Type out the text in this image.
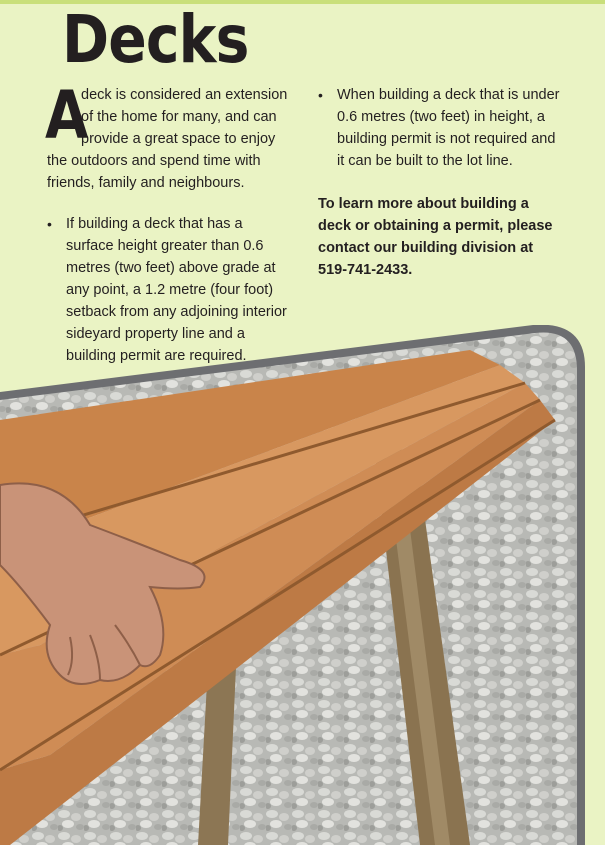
Decks

A
deck is considered an extension of the home for many, and can provide a great space to enjoy the outdoors and spend time with friends, family and neighbours.

• If building a deck that has a surface height greater than 0.6 metres (two feet) above grade at any point, a 1.2 metre (four foot) setback from any adjoining interior sideyard property line and a building permit are required.
• When building a deck that is under 0.6 metres (two feet) in height, a building permit is not required and it can be built to the lot line.

To learn more about building a deck or obtaining a permit, please contact our building division at 519-741-2433.
